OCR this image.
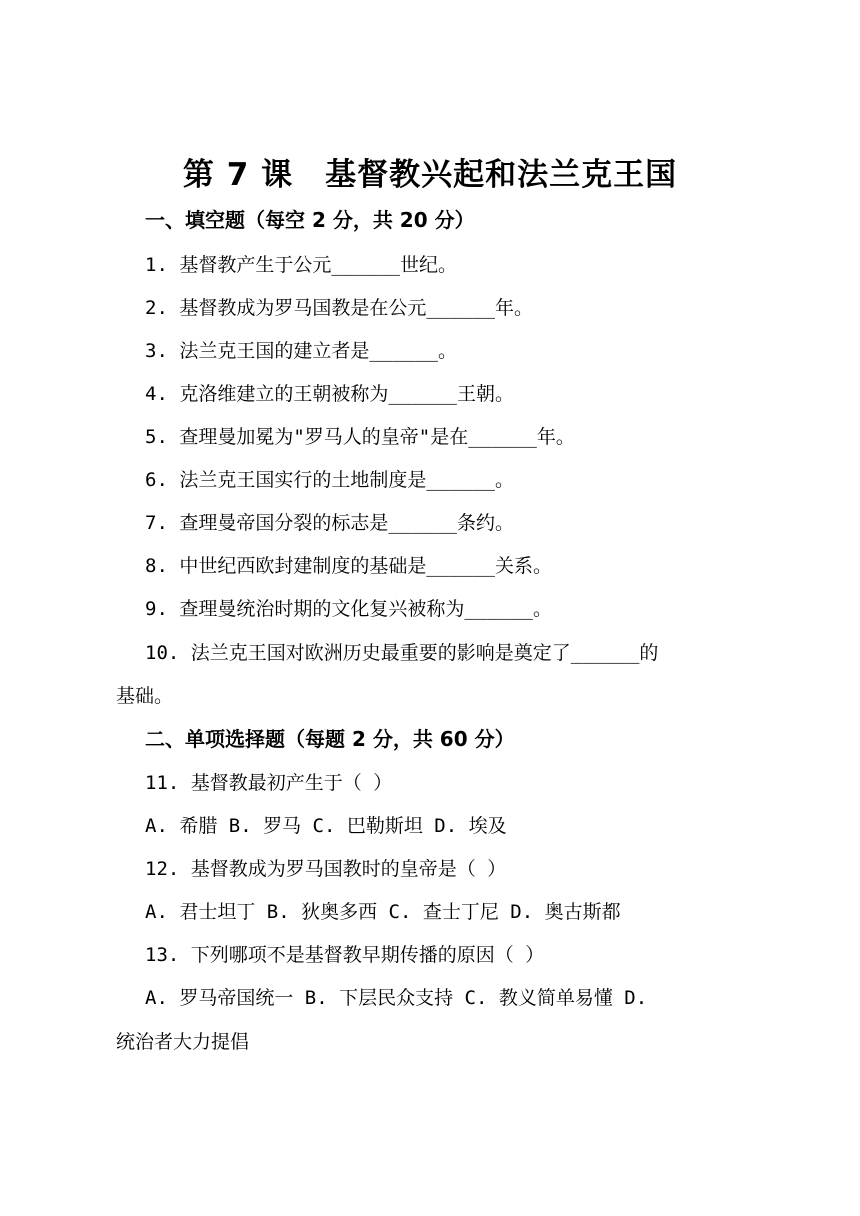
第 7 课　基督教兴起和法兰克王国
一、填空题（每空 2 分，共 20 分）
1. 基督教产生于公元______世纪。
2. 基督教成为罗马国教是在公元______年。
3. 法兰克王国的建立者是______。
4. 克洛维建立的王朝被称为______王朝。
5. 查理曼加冕为"罗马人的皇帝"是在______年。
6. 法兰克王国实行的土地制度是______。
7. 查理曼帝国分裂的标志是______条约。
8. 中世纪西欧封建制度的基础是______关系。
9. 查理曼统治时期的文化复兴被称为______。
10. 法兰克王国对欧洲历史最重要的影响是奠定了______的
基础。
二、单项选择题（每题 2 分，共 60 分）
11. 基督教最初产生于（ ）
A. 希腊 B. 罗马 C. 巴勒斯坦 D. 埃及
12. 基督教成为罗马国教时的皇帝是（ ）
A. 君士坦丁 B. 狄奥多西 C. 查士丁尼 D. 奥古斯都
13. 下列哪项不是基督教早期传播的原因（ ）
A. 罗马帝国统一 B. 下层民众支持 C. 教义简单易懂 D.
统治者大力提倡
